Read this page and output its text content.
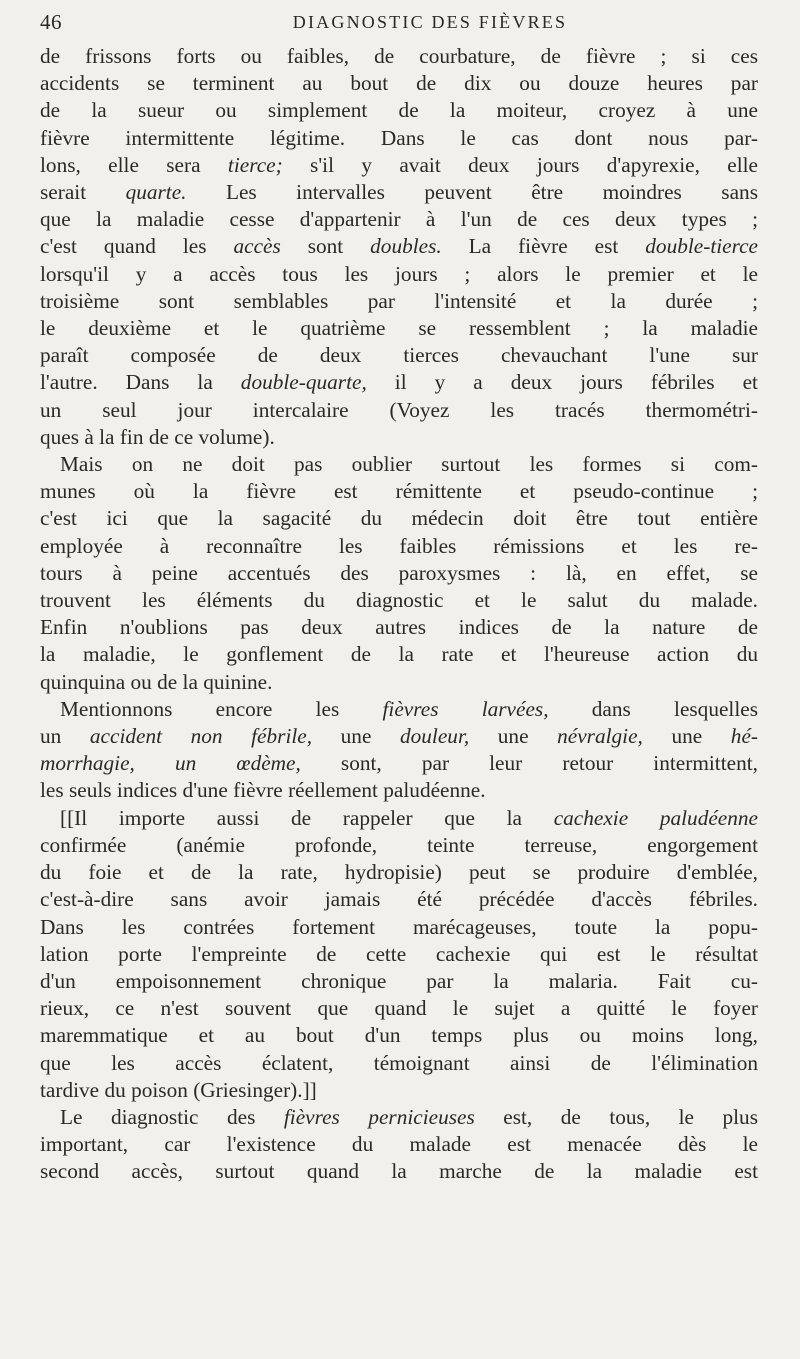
46	DIAGNOSTIC DES FIÈVRES
de frissons forts ou faibles, de courbature, de fièvre ; si ces
accidents se terminent au bout de dix ou douze heures par
de la sueur ou simplement de la moiteur, croyez à une
fièvre intermittente légitime. Dans le cas dont nous par-
lons, elle sera tierce; s'il y avait deux jours d'apyrexie, elle
serait quarte. Les intervalles peuvent être moindres sans
que la maladie cesse d'appartenir à l'un de ces deux types ;
c'est quand les accès sont doubles. La fièvre est double-tierce
lorsqu'il y a accès tous les jours ; alors le premier et le
troisième sont semblables par l'intensité et la durée ;
le deuxième et le quatrième se ressemblent ; la maladie
paraît composée de deux tierces chevauchant l'une sur
l'autre. Dans la double-quarte, il y a deux jours fébriles et
un seul jour intercalaire (Voyez les tracés thermométri-
ques à la fin de ce volume).
Mais on ne doit pas oublier surtout les formes si com-
munes où la fièvre est rémittente et pseudo-continue ;
c'est ici que la sagacité du médecin doit être tout entière
employée à reconnaître les faibles rémissions et les re-
tours à peine accentués des paroxysmes : là, en effet, se
trouvent les éléments du diagnostic et le salut du malade.
Enfin n'oublions pas deux autres indices de la nature de
la maladie, le gonflement de la rate et l'heureuse action du
quinquina ou de la quinine.
Mentionnons encore les fièvres larvées, dans lesquelles
un accident non fébrile, une douleur, une névralgie, une hé-
morrhagie, un œdème, sont, par leur retour intermittent,
les seuls indices d'une fièvre réellement paludéenne.
[[Il importe aussi de rappeler que la cachexie paludéenne
confirmée (anémie profonde, teinte terreuse, engorgement
du foie et de la rate, hydropisie) peut se produire d'emblée,
c'est-à-dire sans avoir jamais été précédée d'accès fébriles.
Dans les contrées fortement marécageuses, toute la popu-
lation porte l'empreinte de cette cachexie qui est le résultat
d'un empoisonnement chronique par la malaria. Fait cu-
rieux, ce n'est souvent que quand le sujet a quitté le foyer
maremmatique et au bout d'un temps plus ou moins long,
que les accès éclatent, témoignant ainsi de l'élimination
tardive du poison (Griesinger).]]
Le diagnostic des fièvres pernicieuses est, de tous, le plus
important, car l'existence du malade est menacée dès le
second accès, surtout quand la marche de la maladie est
